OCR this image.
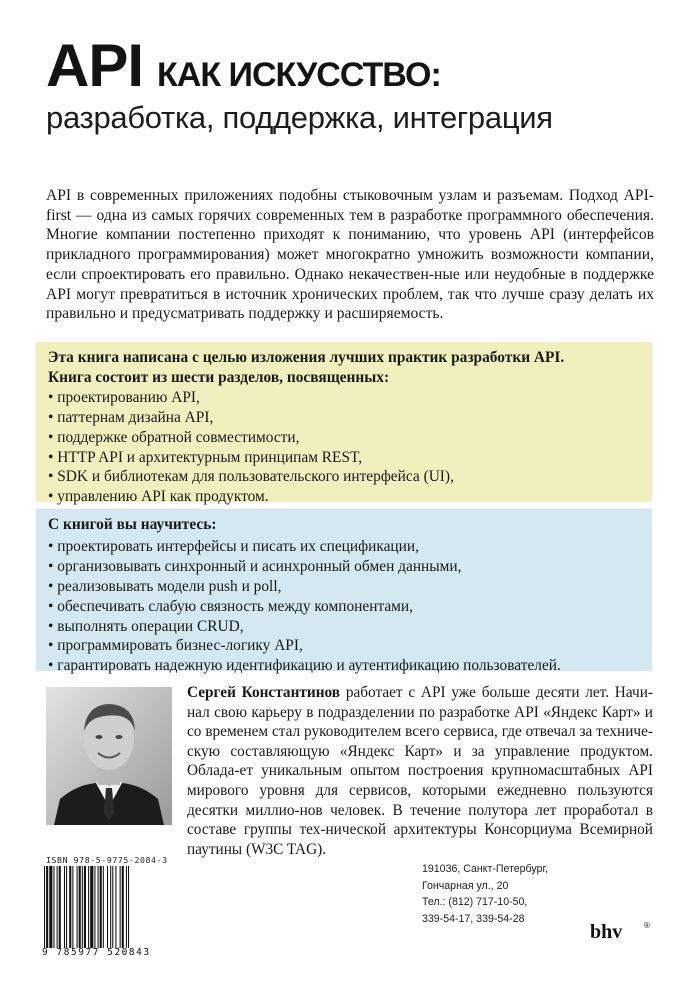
API КАК ИСКУССТВО:
разработка, поддержка, интеграция
API в современных приложениях подобны стыковочным узлам и разъемам. Подход API-first — одна из самых горячих современных тем в разработке программного обеспечения. Многие компании постепенно приходят к пониманию, что уровень API (интерфейсов прикладного программирования) может многократно умножить возможности компании, если спроектировать его правильно. Однако некачествен-ные или неудобные в поддержке API могут превратиться в источник хронических проблем, так что лучше сразу делать их правильно и предусматривать поддержку и расширяемость.
Эта книга написана с целью изложения лучших практик разработки API.
Книга состоит из шести разделов, посвященных:
• проектированию API,
• паттернам дизайна API,
• поддержке обратной совместимости,
• HTTP API и архитектурным принципам REST,
• SDK и библиотекам для пользовательского интерфейса (UI),
• управлению API как продуктом.
С книгой вы научитесь:
• проектировать интерфейсы и писать их спецификации,
• организовывать синхронный и асинхронный обмен данными,
• реализовывать модели push и poll,
• обеспечивать слабую связность между компонентами,
• выполнять операции CRUD,
• программировать бизнес-логику API,
• гарантировать надежную идентификацию и аутентификацию пользователей.
Сергей Константинов работает с API уже больше десяти лет. Начи-нал свою карьеру в подразделении по разработке API «Яндекс Карт» и со временем стал руководителем всего сервиса, где отвечал за техниче-скую составляющую «Яндекс Карт» и за управление продуктом. Облада-ет уникальным опытом построения крупномасштабных API мирового уровня для сервисов, которыми ежедневно пользуются десятки миллио-нов человек. В течение полутора лет проработал в составе группы тех-нической архитектуры Консорциума Всемирной паутины (W3C TAG).
ISBN 978-5-9775-2084-3
9 785977 520843
191036, Санкт-Петербург,
Гончарная ул., 20
Тел.: (812) 717-10-50,
339-54-17, 339-54-28
bhv	®
